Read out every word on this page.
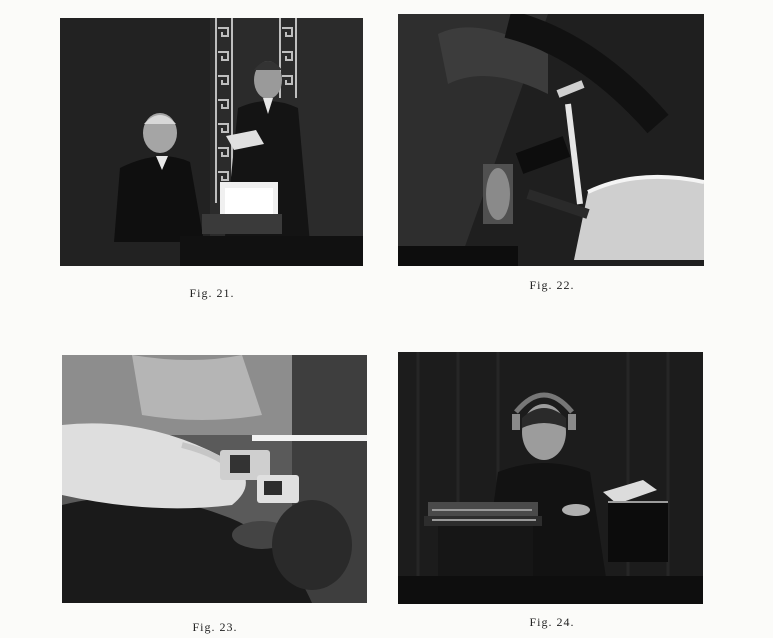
Fig. 21.
Fig. 22.
Fig. 23.	Fig. 24.
